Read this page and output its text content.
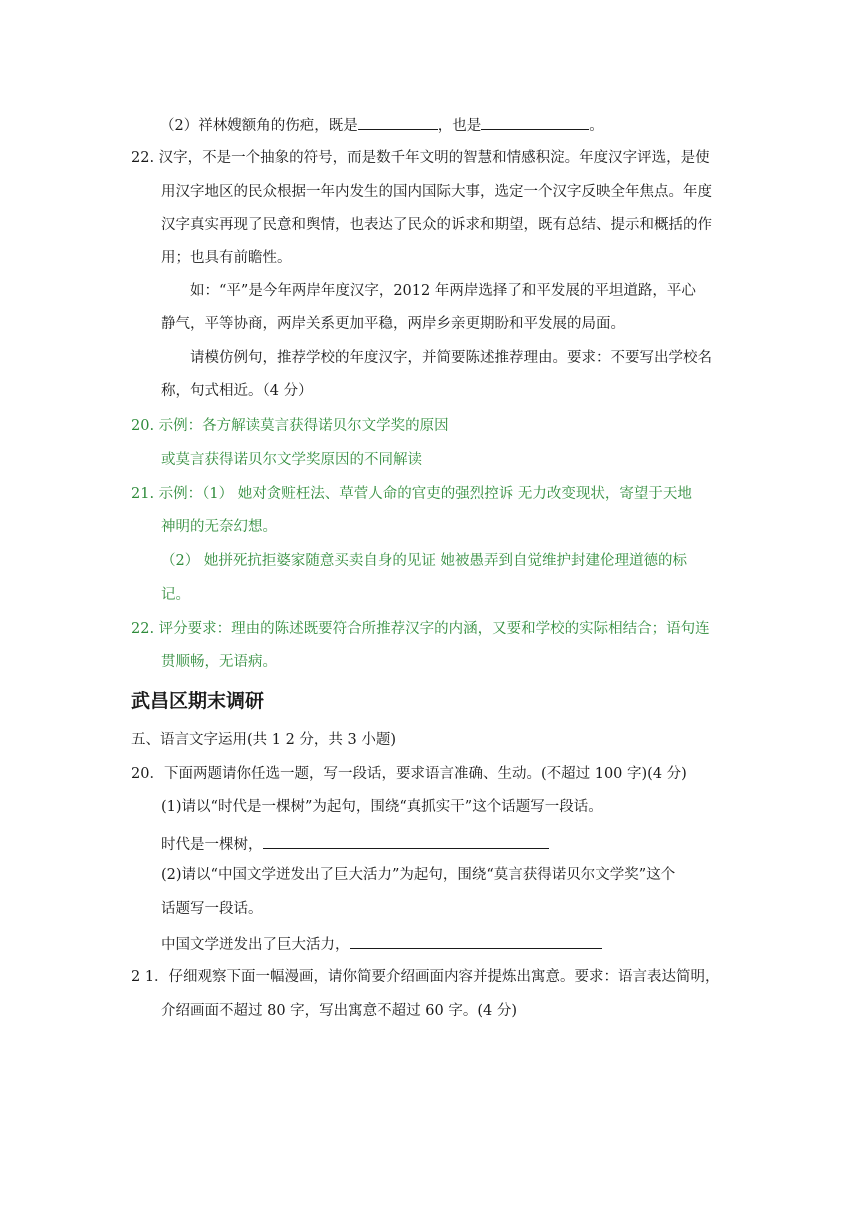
（2）祥林嫂额角的伤疤，既是	，也是	。
22. 汉字，不是一个抽象的符号，而是数千年文明的智慧和情感积淀。年度汉字评选，是使
用汉字地区的民众根据一年内发生的国内国际大事，选定一个汉字反映全年焦点。年度
汉字真实再现了民意和舆情，也表达了民众的诉求和期望，既有总结、提示和概括的作
用；也具有前瞻性。
如：“平”是今年两岸年度汉字，2012 年两岸选择了和平发展的平坦道路，平心
静气，平等协商，两岸关系更加平稳，两岸乡亲更期盼和平发展的局面。
请模仿例句，推荐学校的年度汉字，并简要陈述推荐理由。要求：不要写出学校名
称，句式相近。（4 分）
20. 示例：各方解读莫言获得诺贝尔文学奖的原因
或莫言获得诺贝尔文学奖原因的不同解读
21. 示例：（1） 她对贪赃枉法、草菅人命的官吏的强烈控诉 无力改变现状，寄望于天地
神明的无奈幻想。
（2） 她拼死抗拒婆家随意买卖自身的见证 她被愚弄到自觉维护封建伦理道德的标
记。
22. 评分要求：理由的陈述既要符合所推荐汉字的内涵，又要和学校的实际相结合；语句连
贯顺畅，无语病。
武昌区期末调研
五、语言文字运用(共 1 2 分，共 3 小题)
20．下面两题请你任选一题，写一段话，要求语言准确、生动。(不超过 100 字)(4 分)
(1)请以“时代是一棵树”为起句，围绕“真抓实干”这个话题写一段话。
时代是一棵树，
(2)请以“中国文学迸发出了巨大活力”为起句，围绕“莫言获得诺贝尔文学奖”这个
话题写一段话。
中国文学迸发出了巨大活力，
2 1．仔细观察下面一幅漫画，请你简要介绍画面内容并提炼出寓意。要求：语言表达简明，
介绍画面不超过 80 字，写出寓意不超过 60 字。(4 分)
